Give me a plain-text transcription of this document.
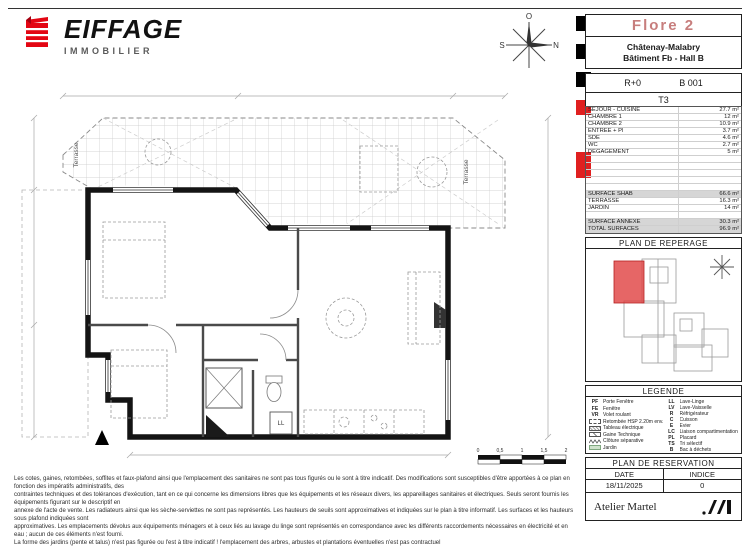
EIFFAGE
IMMOBILIER
O
N
S
Terrasse
Terrasse
LL
0	0,5	1	1,5	2
Flore 2
Châtenay-Malabry
Bâtiment Fb - Hall B
R+0	B 001
T3
SEJOUR - CUISINE	27.7 m²
CHAMBRE 1	12 m²
CHAMBRE 2	10.9 m²
ENTREE + Pl	3.7 m²
SDE	4.6 m²
WC	2.7 m²
DEGAGEMENT	5 m²
SURFACE SHAB	66.6 m²
TERRASSE	16.3 m²
JARDIN	14 m²
SURFACE ANNEXE	30.3 m²
TOTAL SURFACES	96.9 m²
PLAN DE REPERAGE
LEGENDE
PF Porte Fenêtre
FE Fenêtre
VR Volet roulant
Retombée HSP 2.20m env.
Tableau électrique
Gaine Technique
Clôture séparative
Jardin
LL Lave-Linge
LV Lave-Vaisselle
R	Réfrigérateur
C	Cuisson
E	Evier
LC Liaison compartimentation
PL Placard
TS Tri sélectif
B	Bac à déchets
PLAN DE RESERVATION
DATE	INDICE
18/11/2025	0
Atelier Martel
Les cotes, gaines, retombées, soffites et faux-plafond ainsi que l'emplacement des sanitaires ne sont pas tous figurés ou le sont à titre indicatif. Des modifications sont susceptibles d'être apportées à ce plan en fonction des impératifs administratifs, des
contraintes techniques et des tolérances d'exécution, tant en ce qui concerne les dimensions libres que les équipements et les réseaux divers, les appareillages sanitaires et électriques. Seuls seront fournis les équipements figurant sur le descriptif en
annexe de l'acte de vente. Les radiateurs ainsi que les sèche-serviettes ne sont pas représentés. Les hauteurs de seuils sont approximatives et indiquées sur le plan à titre informatif. Les surfaces et les hauteurs sous plafond indiquées sont
approximatives. Les emplacements dévolus aux équipements ménagers et à ceux liés au lavage du linge sont représentés en correspondance avec les différents raccordements nécessaires en électricité et en eau ; aucun de ces éléments n'est fourni.
La forme des jardins (pente et talus) n'est pas figurée ou l'est à titre indicatif ! l'emplacement des arbres, arbustes et plantations éventuelles n'est pas contractuel
